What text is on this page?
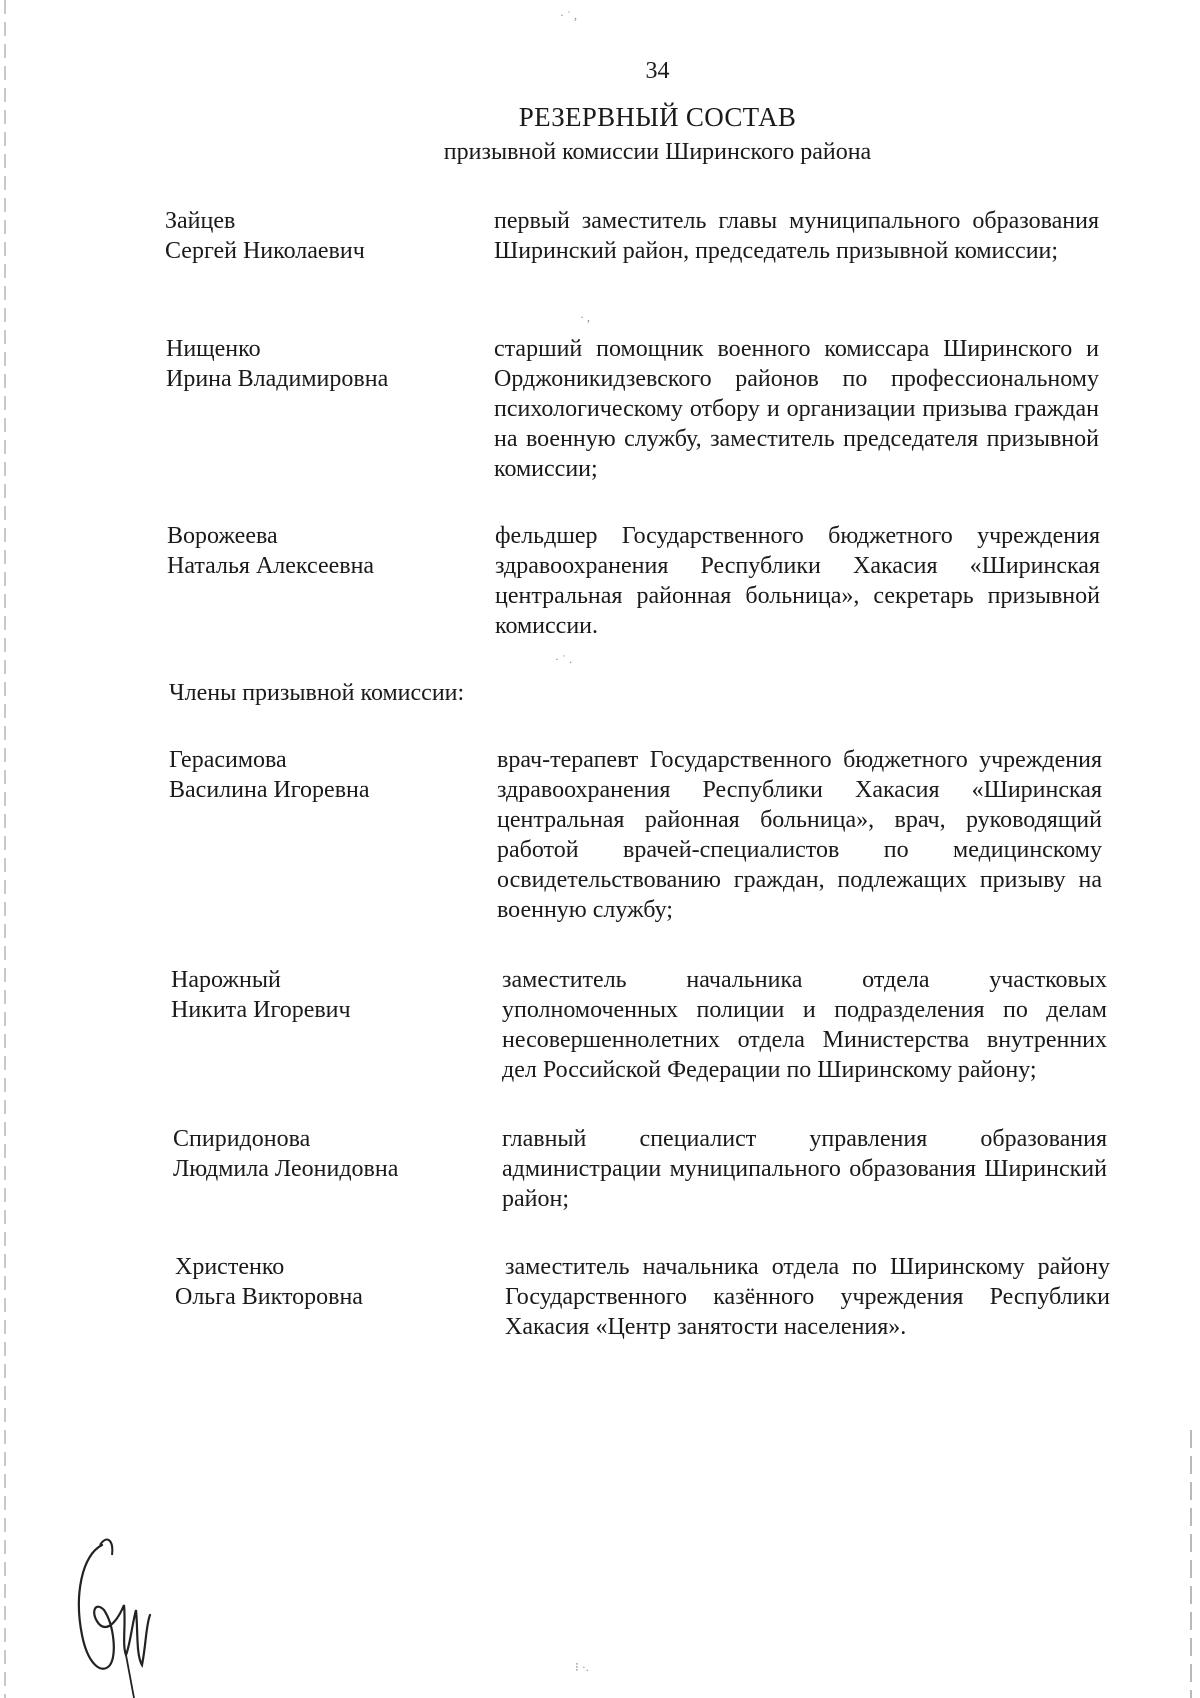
· ˙ ,
· ,
· ˙ .
⁝ ·.
34
РЕЗЕРВНЫЙ СОСТАВ
призывной комиссии Ширинского района
Зайцев
Сергей Николаевич
первый заместитель главы муниципального образования Ширинский район, председатель призывной комиссии;
Нищенко
Ирина Владимировна
старший помощник военного комиссара Ширинского и Орджоникидзевского районов по профессиональному психологическому отбору и организации призыва граждан на военную службу, заместитель председателя призывной комиссии;
Ворожеева
Наталья Алексеевна
фельдшер Государственного бюджетного учреждения здравоохранения Республики Хакасия «Ширинская центральная районная больница», секретарь призывной комиссии.
Члены призывной комиссии:
Герасимова
Василина Игоревна
врач-терапевт Государственного бюджетного учреждения здравоохранения Республики Хакасия «Ширинская центральная районная больница», врач, руководящий работой врачей-специалистов по медицинскому освидетельствованию граждан, подлежащих призыву на военную службу;
Нарожный
Никита Игоревич
заместитель начальника отдела участковых уполномоченных полиции и подразделения по делам несовершеннолетних отдела Министерства внутренних дел Российской Федерации по Ширинскому району;
Спиридонова
Людмила Леонидовна
главный специалист управления образования администрации муниципального образования Ширинский район;
Христенко
Ольга Викторовна
заместитель начальника отдела по Ширинскому району Государственного казённого учреждения Республики Хакасия «Центр занятости населения».
